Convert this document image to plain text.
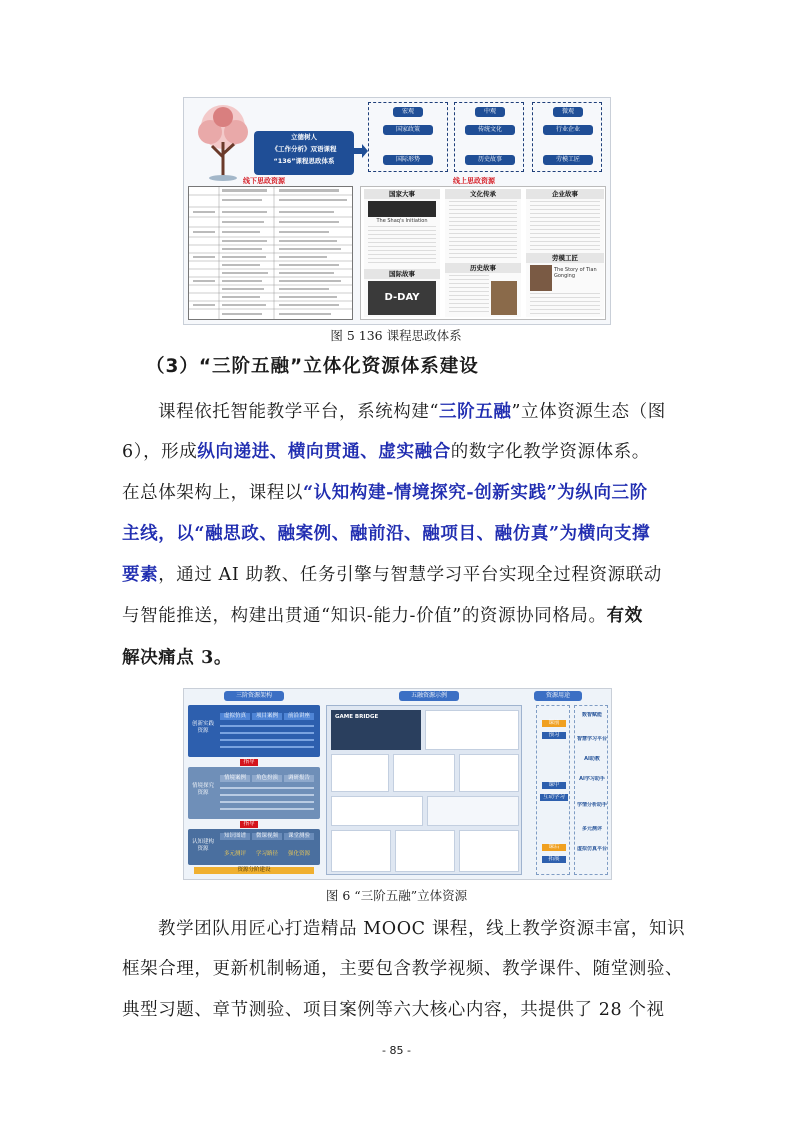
立德树人
《工作分析》双语课程
“136”课程思政体系
宏观
国家政策
国际形势
中观
传统文化
历史故事
微观
行业企业
劳模工匠
线下思政资源	线上思政资源
国家大事
The Shaq's Initiation
国际故事
D-DAY
文化传承
历史故事
企业故事
劳模工匠
The Story of Tian Gonging
图 5 136 课程思政体系
（3）“三阶五融”立体化资源体系建设
课程依托智能教学平台，系统构建“三阶五融”立体资源生态（图
6），形成纵向递进、横向贯通、虚实融合的数字化教学资源体系。
在总体架构上，课程以“认知构建-情境探究-创新实践”为纵向三阶
主线，以“融思政、融案例、融前沿、融项目、融仿真”为横向支撑
要素，通过 AI 助教、任务引擎与智慧学习平台实现全过程资源联动
与智能推送，构建出贯通“知识-能力-价值”的资源协同格局。有效
解决痛点 3。
三阶资源架构	五融资源示例	资源用途
创新实践资源
虚拟仿真	项目案例	前沿讲座
指导
情境探究资源
情境案例	角色扮演	调研报告
指导
认知建构资源
知识图谱	微课视频	课堂测验
多元测评	学习路径	强化资源
资源分阶建设
GAME BRIDGE
课前
预习
课中
互动学习
课后
拓展
数智赋能
智慧学习平台
AI助教
AI学习助手
学情分析助手
多元测评
虚拟仿真平台
图 6 “三阶五融”立体资源
教学团队用匠心打造精品 MOOC 课程，线上教学资源丰富，知识
框架合理，更新机制畅通，主要包含教学视频、教学课件、随堂测验、
典型习题、章节测验、项目案例等六大核心内容，共提供了 28 个视
- 85 -
